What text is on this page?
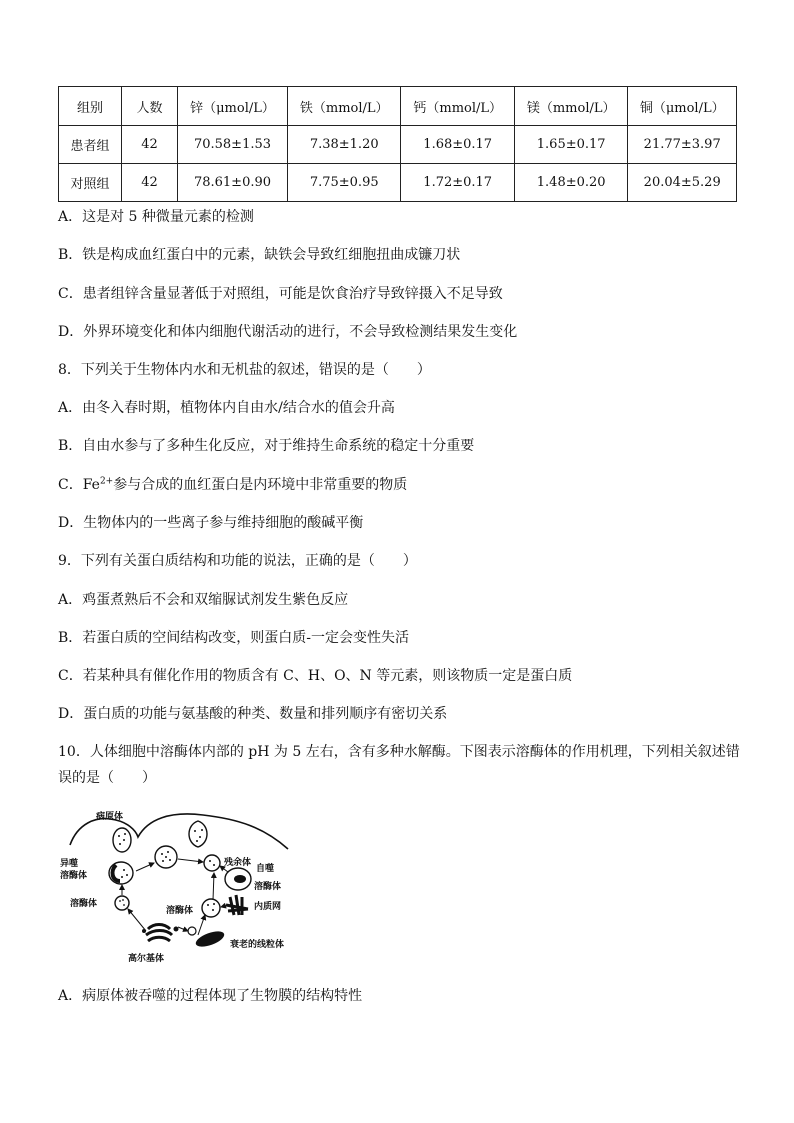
组别	人数	锌（μmol/L）	铁（mmol/L）	钙（mmol/L）	镁（mmol/L）	铜（μmol/L）
患者组	42	70.58±1.53	7.38±1.20	1.68±0.17	1.65±0.17	21.77±3.97
对照组	42	78.61±0.90	7.75±0.95	1.72±0.17	1.48±0.20	20.04±5.29
A．这是对 5 种微量元素的检测
B．铁是构成血红蛋白中的元素，缺铁会导致红细胞扭曲成镰刀状
C．患者组锌含量显著低于对照组，可能是饮食治疗导致锌摄入不足导致
D．外界环境变化和体内细胞代谢活动的进行，不会导致检测结果发生变化
8．下列关于生物体内水和无机盐的叙述，错误的是（　　）
A．由冬入春时期，植物体内自由水/结合水的值会升高
B．自由水参与了多种生化反应，对于维持生命系统的稳定十分重要
C．$Fe^{2+}$参与合成的血红蛋白是内环境中非常重要的物质
D．生物体内的一些离子参与维持细胞的酸碱平衡
9．下列有关蛋白质结构和功能的说法，正确的是（　　）
A．鸡蛋煮熟后不会和双缩脲试剂发生紫色反应
B．若蛋白质的空间结构改变，则蛋白质-一定会变性失活
C．若某种具有催化作用的物质含有 C、H、O、N 等元素，则该物质一定是蛋白质
D．蛋白质的功能与氨基酸的种类、数量和排列顺序有密切关系
10．人体细胞中溶酶体内部的 pH 为 5 左右，含有多种水解酶。下图表示溶酶体的作用机理，下列相关叙述错
误的是（　　）
病原体
异噬
溶酶体
溶酶体
残余体
自噬
溶酶体
溶酶体	内质网
高尔基体
衰老的线粒体
A．病原体被吞噬的过程体现了生物膜的结构特性
